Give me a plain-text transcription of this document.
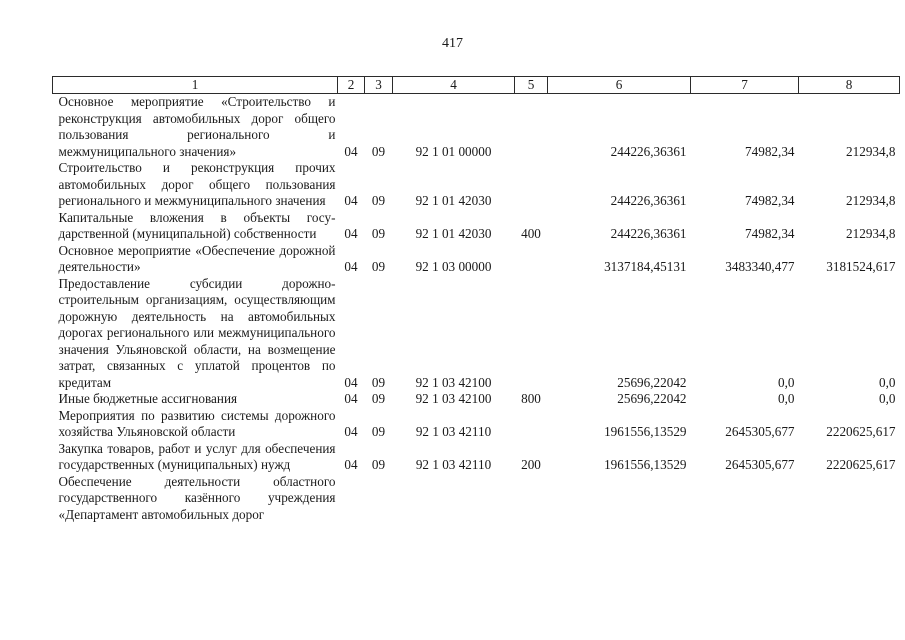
417
1	2	3	4	5	6	7	8
Основное мероприятие «Строительство и реконструкция автомобильных дорог общего пользования регионального и межмуниципального значения»	04	09	92 1 01 00000		244226,36361	74982,34	212934,8
Строительство и реконструкция прочих автомобильных дорог общего пользования регионального и межмуниципального значения	04	09	92 1 01 42030		244226,36361	74982,34	212934,8
Капитальные вложения в объекты государственной (муниципальной) собственности	04	09	92 1 01 42030	400	244226,36361	74982,34	212934,8
Основное мероприятие «Обеспечение дорожной деятельности»	04	09	92 1 03 00000		3137184,45131	3483340,477	3181524,617
Предоставление субсидии дорожностроительным организациям, осуществляющим дорожную деятельность на автомобильных дорогах регионального или межмуниципального значения Ульяновской области, на возмещение затрат, связанных с уплатой процентов по кредитам	04	09	92 1 03 42100		25696,22042	0,0	0,0
Иные бюджетные ассигнования	04	09	92 1 03 42100	800	25696,22042	0,0	0,0
Мероприятия по развитию системы дорожного хозяйства Ульяновской области	04	09	92 1 03 42110		1961556,13529	2645305,677	2220625,617
Закупка товаров, работ и услуг для обеспечения государственных (муниципальных) нужд	04	09	92 1 03 42110	200	1961556,13529	2645305,677	2220625,617
Обеспечение деятельности областного государственного казённого учреждения «Департамент автомобильных дорог							
